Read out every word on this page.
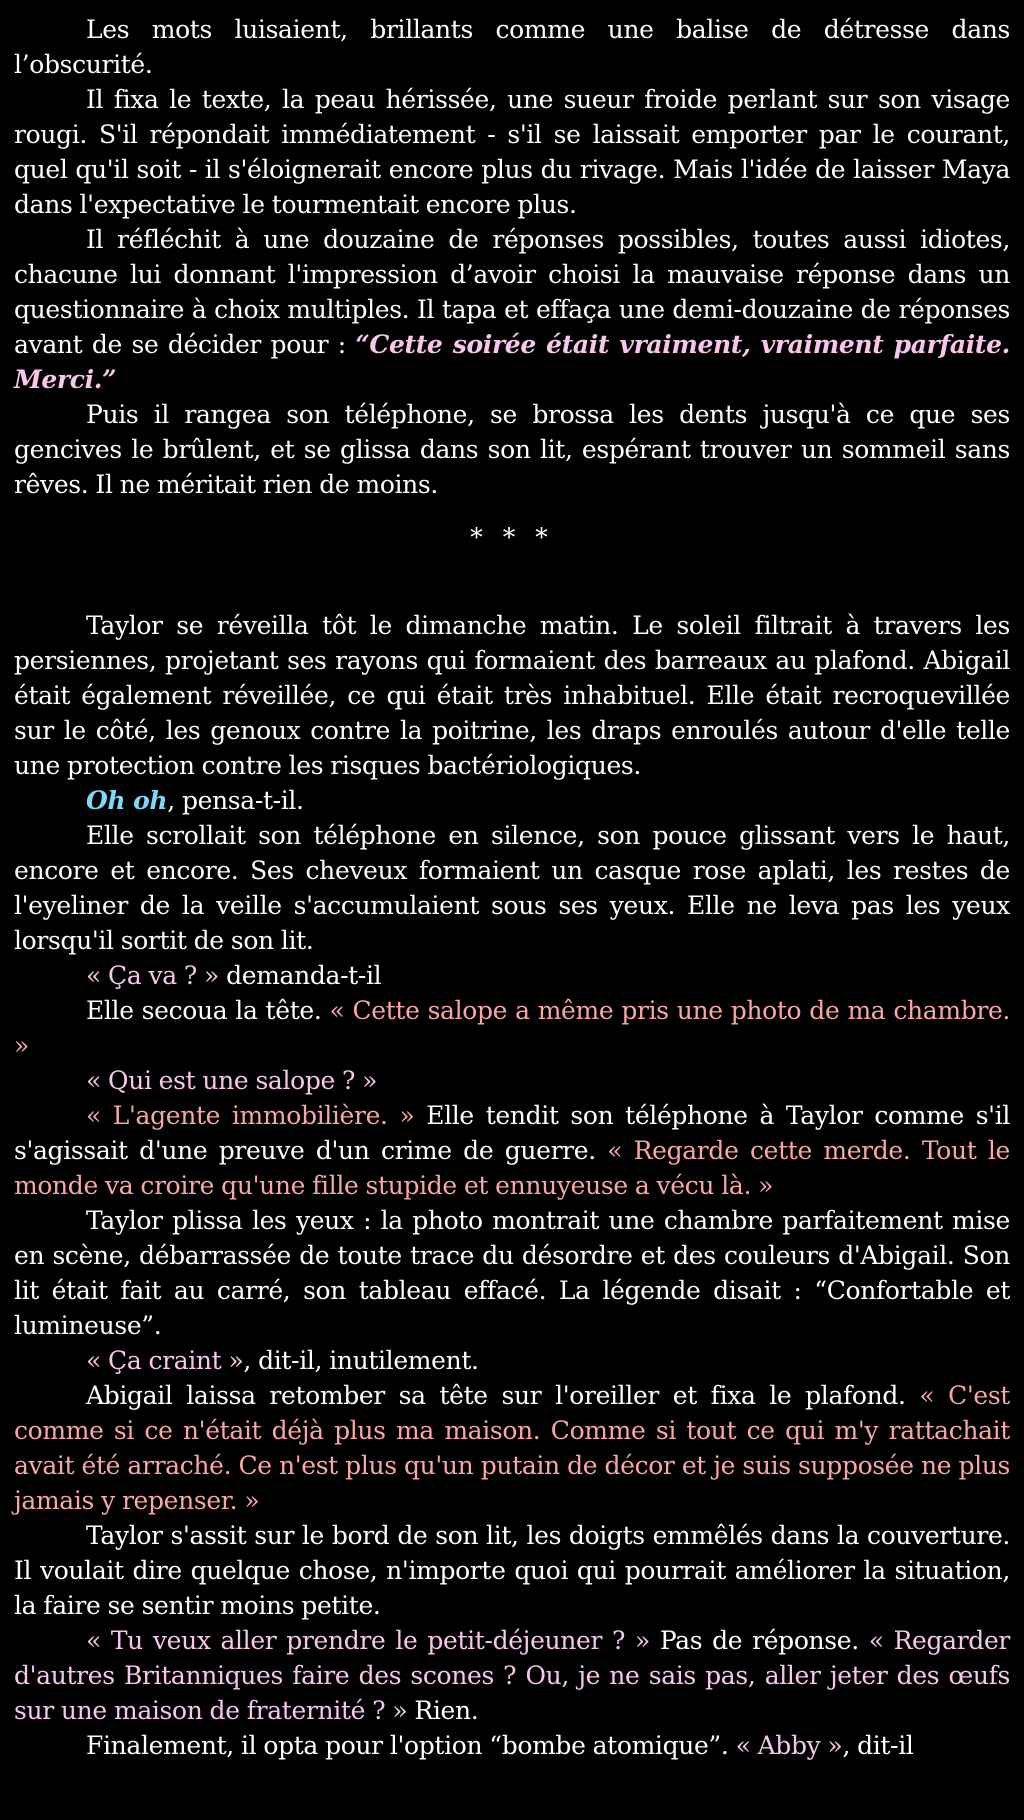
Les mots luisaient, brillants comme une balise de détresse dans l’obscurité.

Il fixa le texte, la peau hérissée, une sueur froide perlant sur son visage rougi. S'il répondait immédiatement - s'il se laissait emporter par le courant, quel qu'il soit - il s'éloignerait encore plus du rivage. Mais l'idée de laisser Maya dans l'expectative le tourmentait encore plus.

Il réfléchit à une douzaine de réponses possibles, toutes aussi idiotes, chacune lui donnant l'impression d’avoir choisi la mauvaise réponse dans un questionnaire à choix multiples. Il tapa et effaça une demi-douzaine de réponses avant de se décider pour : “Cette soirée était vraiment, vraiment parfaite. Merci.”

Puis il rangea son téléphone, se brossa les dents jusqu'à ce que ses gencives le brûlent, et se glissa dans son lit, espérant trouver un sommeil sans rêves. Il ne méritait rien de moins.

* * *

Taylor se réveilla tôt le dimanche matin. Le soleil filtrait à travers les persiennes, projetant ses rayons qui formaient des barreaux au plafond. Abigail était également réveillée, ce qui était très inhabituel. Elle était recroquevillée sur le côté, les genoux contre la poitrine, les draps enroulés autour d'elle telle une protection contre les risques bactériologiques.

Oh oh, pensa-t-il.

Elle scrollait son téléphone en silence, son pouce glissant vers le haut, encore et encore. Ses cheveux formaient un casque rose aplati, les restes de l'eyeliner de la veille s'accumulaient sous ses yeux. Elle ne leva pas les yeux lorsqu'il sortit de son lit.

« Ça va ? » demanda-t-il

Elle secoua la tête. « Cette salope a même pris une photo de ma chambre. »

« Qui est une salope ? »

« L'agente immobilière. » Elle tendit son téléphone à Taylor comme s'il s'agissait d'une preuve d'un crime de guerre. « Regarde cette merde. Tout le monde va croire qu'une fille stupide et ennuyeuse a vécu là. »

Taylor plissa les yeux : la photo montrait une chambre parfaitement mise en scène, débarrassée de toute trace du désordre et des couleurs d'Abigail. Son lit était fait au carré, son tableau effacé. La légende disait : “Confortable et lumineuse”.

« Ça craint », dit-il, inutilement.

Abigail laissa retomber sa tête sur l'oreiller et fixa le plafond. « C'est comme si ce n'était déjà plus ma maison. Comme si tout ce qui m'y rattachait avait été arraché. Ce n'est plus qu'un putain de décor et je suis supposée ne plus jamais y repenser. »

Taylor s'assit sur le bord de son lit, les doigts emmêlés dans la couverture. Il voulait dire quelque chose, n'importe quoi qui pourrait améliorer la situation, la faire se sentir moins petite.

« Tu veux aller prendre le petit-déjeuner ? » Pas de réponse. « Regarder d'autres Britanniques faire des scones ? Ou, je ne sais pas, aller jeter des œufs sur une maison de fraternité ? » Rien.

Finalement, il opta pour l'option “bombe atomique”. « Abby », dit-il
